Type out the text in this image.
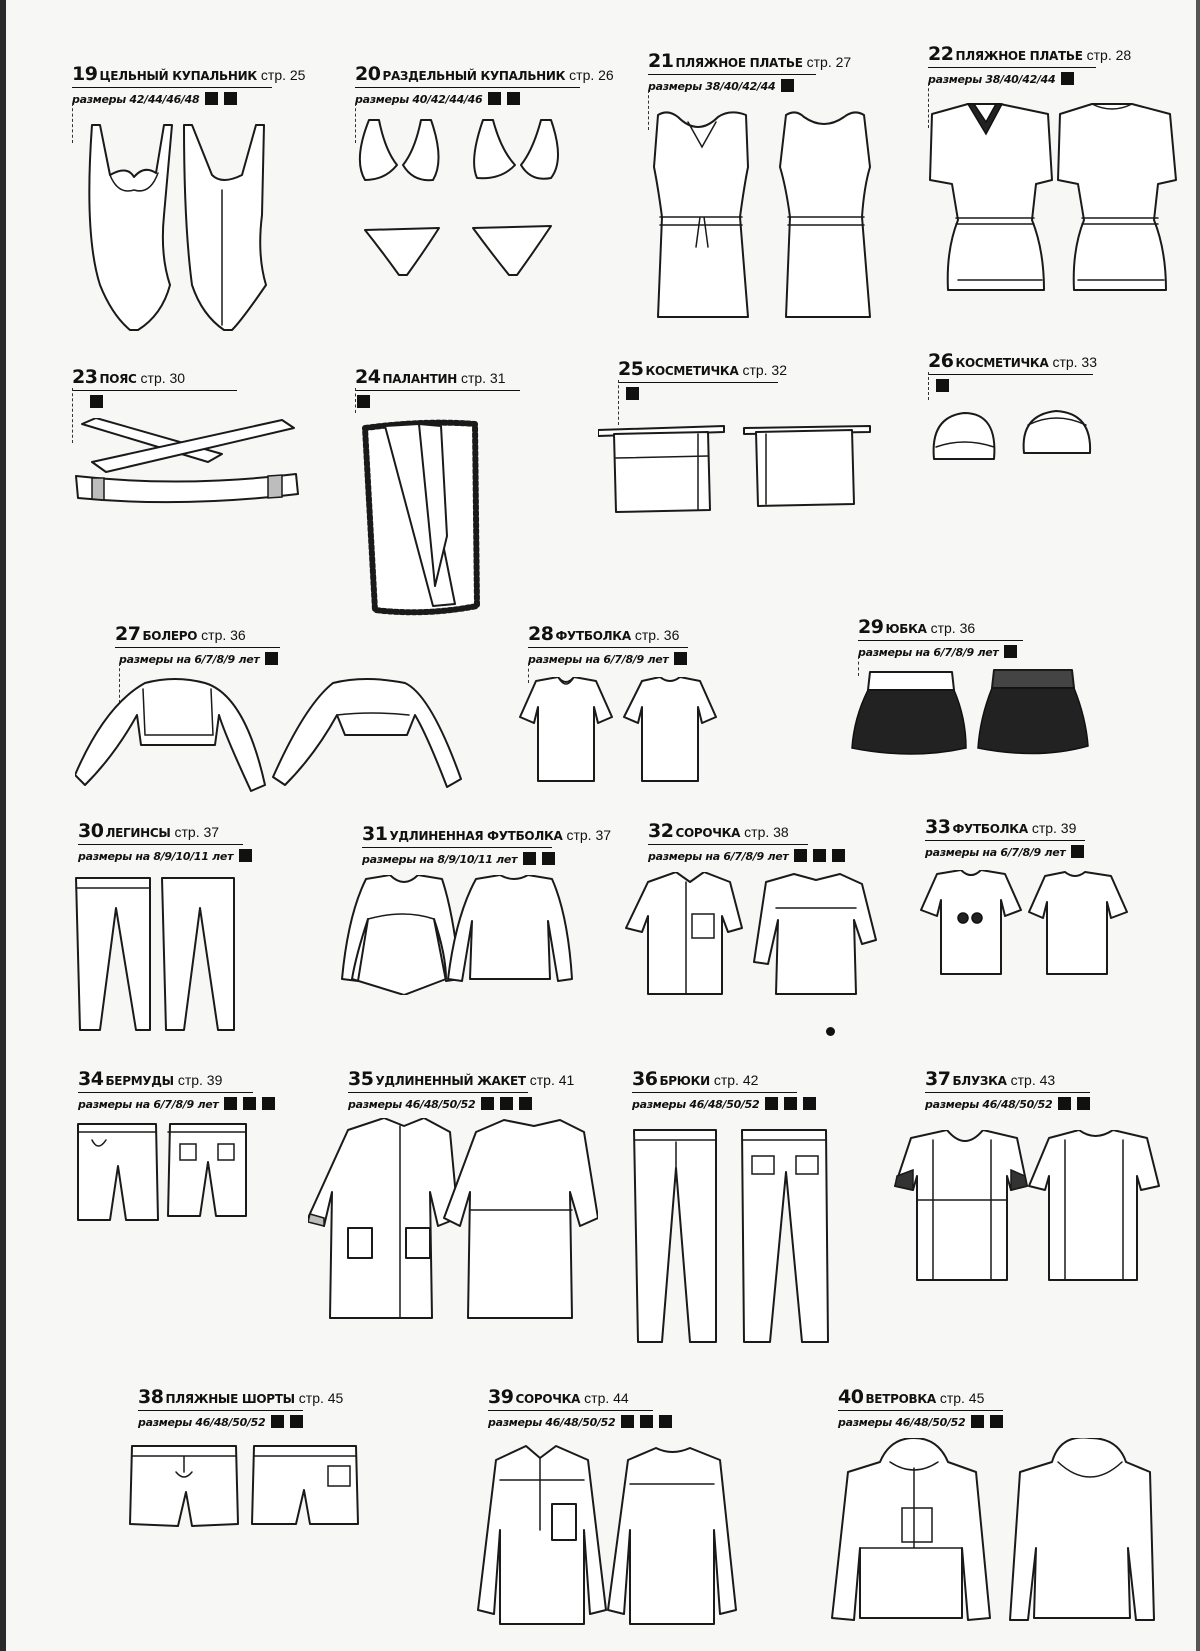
19 ЦЕЛЬНЫЙ КУПАЛЬНИК стр. 25
размеры 42/44/46/48
20 РАЗДЕЛЬНЫЙ КУПАЛЬНИК стр. 26
размеры 40/42/44/46
21 ПЛЯЖНОЕ ПЛАТЬЕ стр. 27
размеры 38/40/42/44
22 ПЛЯЖНОЕ ПЛАТЬЕ стр. 28
размеры 38/40/42/44
23 ПОЯС стр. 30	24 ПАЛАНТИН стр. 31	25 КОСМЕТИЧКА стр. 32	26 КОСМЕТИЧКА стр. 33
27 БОЛЕРО стр. 36
размеры на 6/7/8/9 лет
28 ФУТБОЛКА стр. 36
размеры на 6/7/8/9 лет
29 ЮБКА стр. 36
размеры на 6/7/8/9 лет
30 ЛЕГИНСЫ стр. 37
размеры на 8/9/10/11 лет
31 УДЛИНЕННАЯ ФУТБОЛКА стр. 37
размеры на 8/9/10/11 лет
32 СОРОЧКА стр. 38
размеры на 6/7/8/9 лет
33 ФУТБОЛКА стр. 39
размеры на 6/7/8/9 лет
34 БЕРМУДЫ стр. 39
размеры на 6/7/8/9 лет
35 УДЛИНЕННЫЙ ЖАКЕТ стр. 41
размеры 46/48/50/52
36 БРЮКИ стр. 42
размеры 46/48/50/52
37 БЛУЗКА стр. 43
размеры 46/48/50/52
38 ПЛЯЖНЫЕ ШОРТЫ стр. 45
размеры 46/48/50/52
39 СОРОЧКА стр. 44
размеры 46/48/50/52
40 ВЕТРОВКА стр. 45
размеры 46/48/50/52
